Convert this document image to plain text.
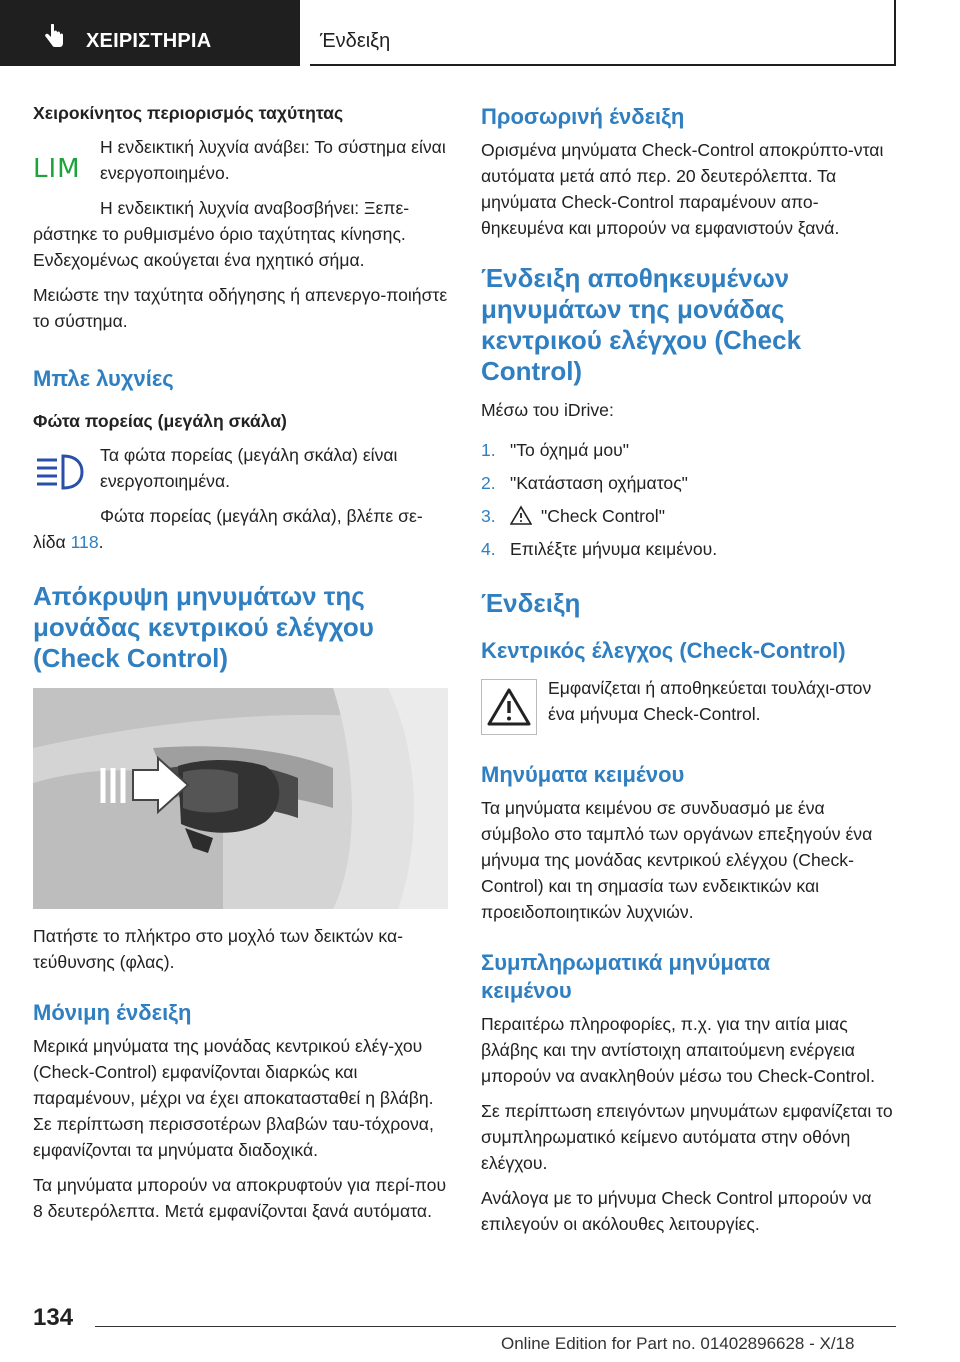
ΧΕΙΡΙΣΤΗΡΙΑ	Ένδειξη
Χειροκίνητος περιορισμός ταχύτητας
LIM

Η ενδεικτική λυχνία ανάβει: Το σύστημα είναι ενεργοποιημένο.

Η ενδεικτική λυχνία αναβοσβήνει: Ξεπε-ράστηκε το ρυθμισμένο όριο ταχύτητας κίνησης. Ενδεχομένως ακούγεται ένα ηχητικό σήμα.

Μειώστε την ταχύτητα οδήγησης ή απενεργο-ποιήστε το σύστημα.

Μπλε λυχνίες
Φώτα πορείας (μεγάλη σκάλα)

Τα φώτα πορείας (μεγάλη σκάλα) είναι ενεργοποιημένα.

Φώτα πορείας (μεγάλη σκάλα), βλέπε σε-λίδα 118.

Απόκρυψη μηνυμάτων της
μονάδας κεντρικού ελέγχου
(Check Control)

Πατήστε το πλήκτρο στο μοχλό των δεικτών κα-τεύθυνσης (φλας).

Μόνιμη ένδειξη

Μερικά μηνύματα της μονάδας κεντρικού ελέγ-χου (Check-Control) εμφανίζονται διαρκώς και παραμένουν, μέχρι να έχει αποκατασταθεί η βλάβη. Σε περίπτωση περισσοτέρων βλαβών ταυ-τόχρονα, εμφανίζονται τα μηνύματα διαδοχικά.

Τα μηνύματα μπορούν να αποκρυφτούν για περί-που 8 δευτερόλεπτα. Μετά εμφανίζονται ξανά αυτόματα.

Προσωρινή ένδειξη

Ορισμένα μηνύματα Check-Control αποκρύπτο-νται αυτόματα μετά από περ. 20 δευτερόλεπτα. Τα μηνύματα Check-Control παραμένουν απο-θηκευμένα και μπορούν να εμφανιστούν ξανά.

Ένδειξη αποθηκευμένων
μηνυμάτων της μονάδας
κεντρικού ελέγχου (Check
Control)

Μέσω του iDrive:

1. "Το όχημά μου"
2. "Κατάσταση οχήματος"
3.	"Check Control"
4. Επιλέξτε μήνυμα κειμένου.
Ένδειξη
Κεντρικός έλεγχος (Check-Control)

Εμφανίζεται ή αποθηκεύεται τουλάχι-στον ένα μήνυμα Check-Control.

Μηνύματα κειμένου

Τα μηνύματα κειμένου σε συνδυασμό με ένα σύμβολο στο ταμπλό των οργάνων επεξηγούν ένα μήνυμα της μονάδας κεντρικού ελέγχου (Check-Control) και τη σημασία των ενδεικτικών και προειδοποιητικών λυχνιών.

Συμπληρωματικά μηνύματα
κειμένου

Περαιτέρω πληροφορίες, π.χ. για την αιτία μιας βλάβης και την αντίστοιχη απαιτούμενη ενέργεια μπορούν να ανακληθούν μέσω του Check-Control.

Σε περίπτωση επειγόντων μηνυμάτων εμφανίζεται το συμπληρωματικό κείμενο αυτόματα στην οθόνη ελέγχου.

Ανάλογα με το μήνυμα Check Control μπορούν να επιλεγούν οι ακόλουθες λειτουργίες.

134
Online Edition for Part no. 01402896628 - X/18
